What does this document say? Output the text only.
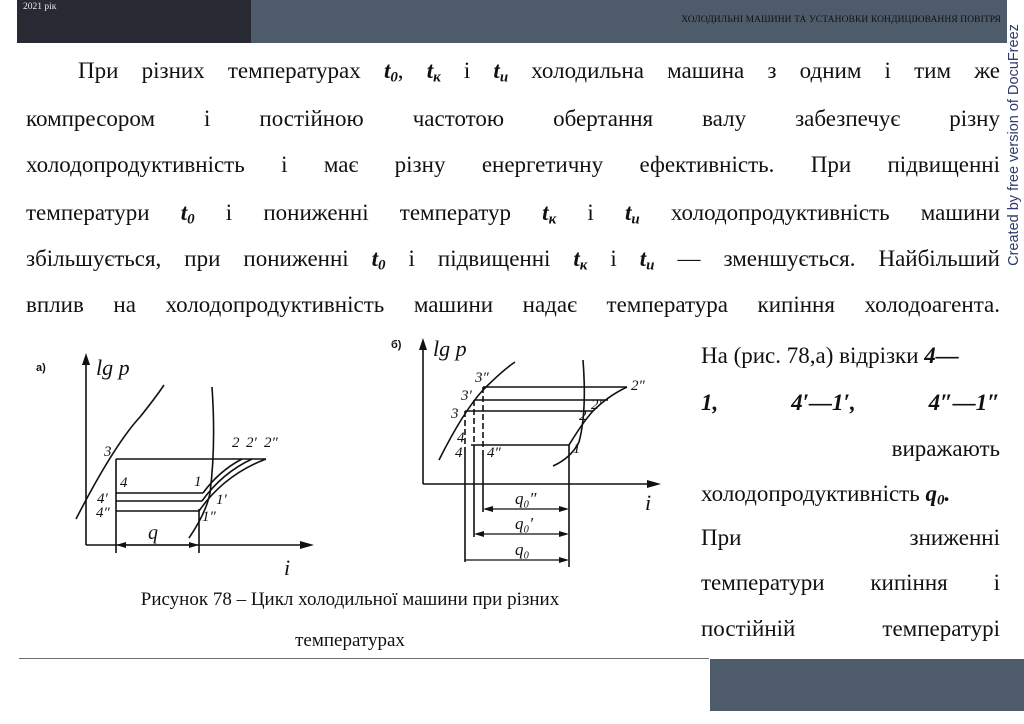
2021 рік
ХОЛОДИЛЬНІ МАШИНИ ТА УСТАНОВКИ КОНДИЦІЮВАННЯ ПОВІТРЯ
Created by free version of DocuFreez
При різних температурах $t_0$, $t_к$ і $t_и$ холодильна машина з одним і тим же
компресором і постійною частотою обертання валу забезпечує різну
холодопродуктивність і має різну енергетичну ефективність. При підвищенні
температури $t_0$ і пониженні температур $t_к$ і $t_и$ холодопродуктивність машини
збільшується, при пониженні $t_0$ і підвищенні $t_к$ і $t_и$ — зменшується. Найбільший
вплив на холодопродуктивність машини надає температура кипіння холодоагента.
На (рис. 78,а) відрізки 4—
1,	4′—1′,	4″—1″
виражають
холодопродуктивність $q_0$.
При	зниженні
температури кипіння і
постійній	температурі
а) lg p
i
3
4
4′
4″
1
1′
1″
2 2′ 2″
q
б) lg p
i
3
3′
3″
4
4′ 4″	1
2
2′
2″
q₀″
q₀′
q₀
Рисунок 78 – Цикл холодильної машини при різних
температурах
